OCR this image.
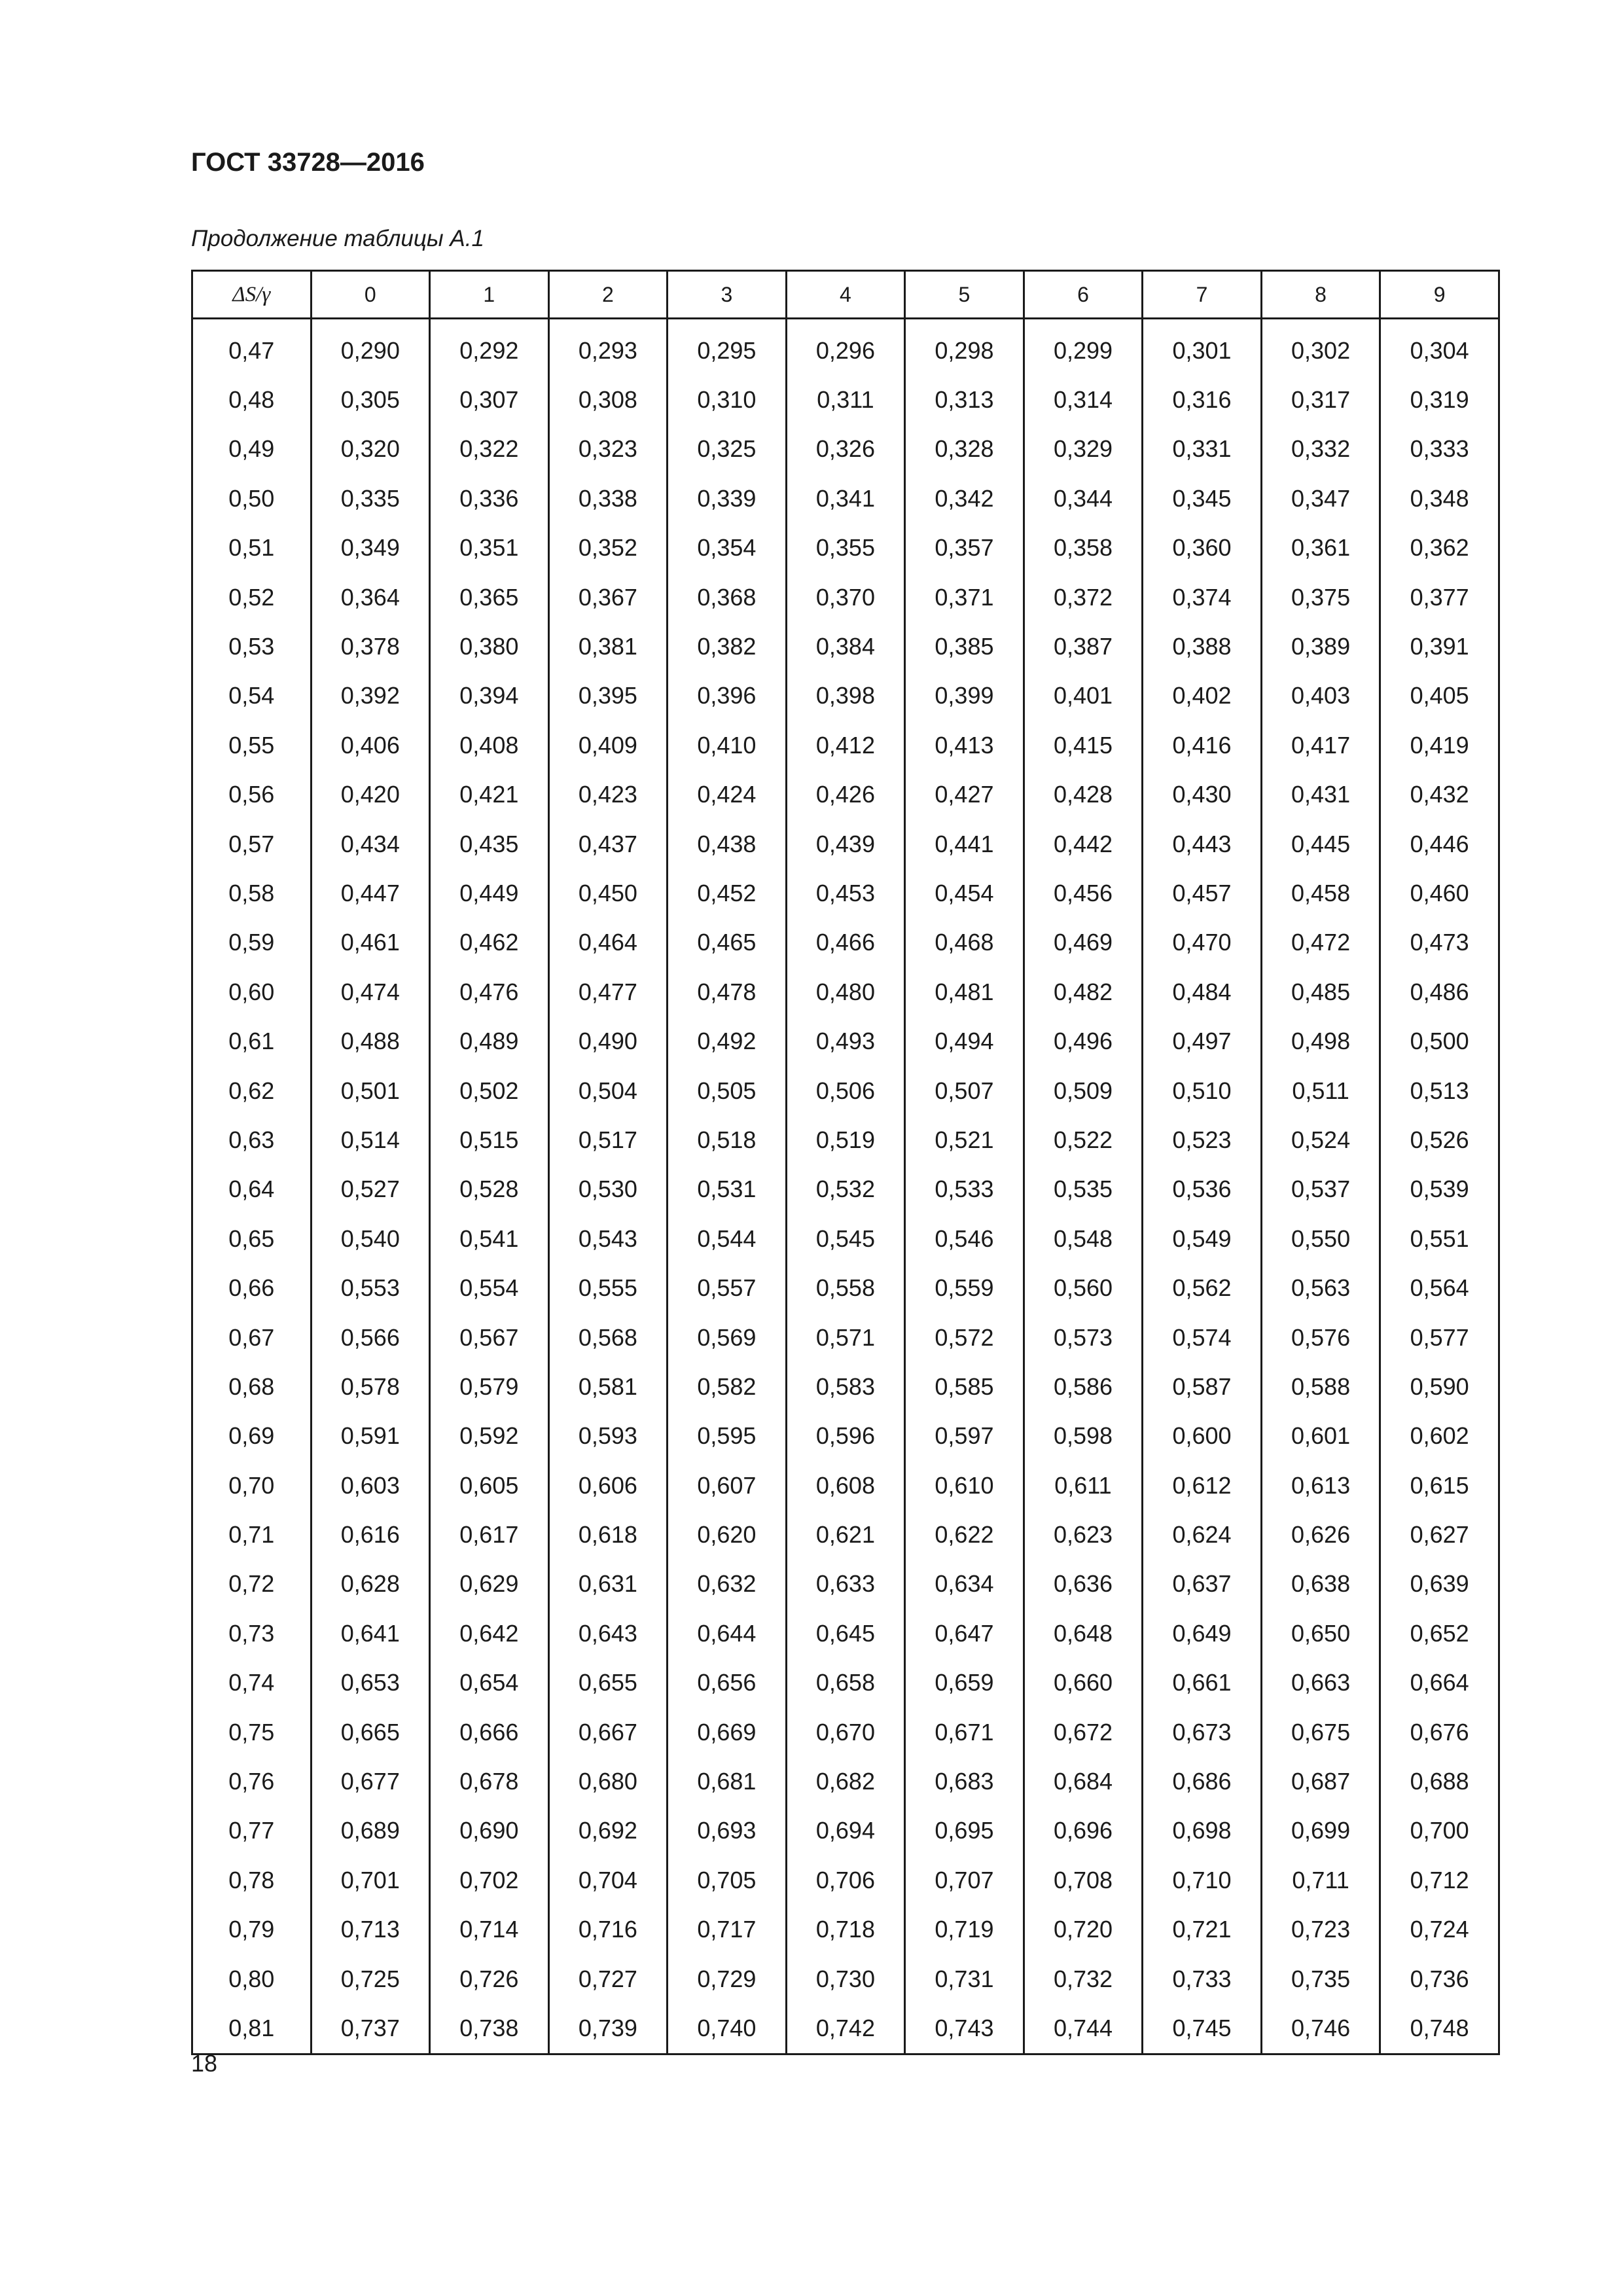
ГОСТ 33728—2016
Продолжение таблицы А.1
ΔS/γ	0	1	2	3	4	5	6	7	8	9
0,47	0,290	0,292	0,293	0,295	0,296	0,298	0,299	0,301	0,302	0,304
0,48	0,305	0,307	0,308	0,310	0,311	0,313	0,314	0,316	0,317	0,319
0,49	0,320	0,322	0,323	0,325	0,326	0,328	0,329	0,331	0,332	0,333
0,50	0,335	0,336	0,338	0,339	0,341	0,342	0,344	0,345	0,347	0,348
0,51	0,349	0,351	0,352	0,354	0,355	0,357	0,358	0,360	0,361	0,362
0,52	0,364	0,365	0,367	0,368	0,370	0,371	0,372	0,374	0,375	0,377
0,53	0,378	0,380	0,381	0,382	0,384	0,385	0,387	0,388	0,389	0,391
0,54	0,392	0,394	0,395	0,396	0,398	0,399	0,401	0,402	0,403	0,405
0,55	0,406	0,408	0,409	0,410	0,412	0,413	0,415	0,416	0,417	0,419
0,56	0,420	0,421	0,423	0,424	0,426	0,427	0,428	0,430	0,431	0,432
0,57	0,434	0,435	0,437	0,438	0,439	0,441	0,442	0,443	0,445	0,446
0,58	0,447	0,449	0,450	0,452	0,453	0,454	0,456	0,457	0,458	0,460
0,59	0,461	0,462	0,464	0,465	0,466	0,468	0,469	0,470	0,472	0,473
0,60	0,474	0,476	0,477	0,478	0,480	0,481	0,482	0,484	0,485	0,486
0,61	0,488	0,489	0,490	0,492	0,493	0,494	0,496	0,497	0,498	0,500
0,62	0,501	0,502	0,504	0,505	0,506	0,507	0,509	0,510	0,511	0,513
0,63	0,514	0,515	0,517	0,518	0,519	0,521	0,522	0,523	0,524	0,526
0,64	0,527	0,528	0,530	0,531	0,532	0,533	0,535	0,536	0,537	0,539
0,65	0,540	0,541	0,543	0,544	0,545	0,546	0,548	0,549	0,550	0,551
0,66	0,553	0,554	0,555	0,557	0,558	0,559	0,560	0,562	0,563	0,564
0,67	0,566	0,567	0,568	0,569	0,571	0,572	0,573	0,574	0,576	0,577
0,68	0,578	0,579	0,581	0,582	0,583	0,585	0,586	0,587	0,588	0,590
0,69	0,591	0,592	0,593	0,595	0,596	0,597	0,598	0,600	0,601	0,602
0,70	0,603	0,605	0,606	0,607	0,608	0,610	0,611	0,612	0,613	0,615
0,71	0,616	0,617	0,618	0,620	0,621	0,622	0,623	0,624	0,626	0,627
0,72	0,628	0,629	0,631	0,632	0,633	0,634	0,636	0,637	0,638	0,639
0,73	0,641	0,642	0,643	0,644	0,645	0,647	0,648	0,649	0,650	0,652
0,74	0,653	0,654	0,655	0,656	0,658	0,659	0,660	0,661	0,663	0,664
0,75	0,665	0,666	0,667	0,669	0,670	0,671	0,672	0,673	0,675	0,676
0,76	0,677	0,678	0,680	0,681	0,682	0,683	0,684	0,686	0,687	0,688
0,77	0,689	0,690	0,692	0,693	0,694	0,695	0,696	0,698	0,699	0,700
0,78	0,701	0,702	0,704	0,705	0,706	0,707	0,708	0,710	0,711	0,712
0,79	0,713	0,714	0,716	0,717	0,718	0,719	0,720	0,721	0,723	0,724
0,80	0,725	0,726	0,727	0,729	0,730	0,731	0,732	0,733	0,735	0,736
0,81	0,737	0,738	0,739	0,740	0,742	0,743	0,744	0,745	0,746	0,748
18
